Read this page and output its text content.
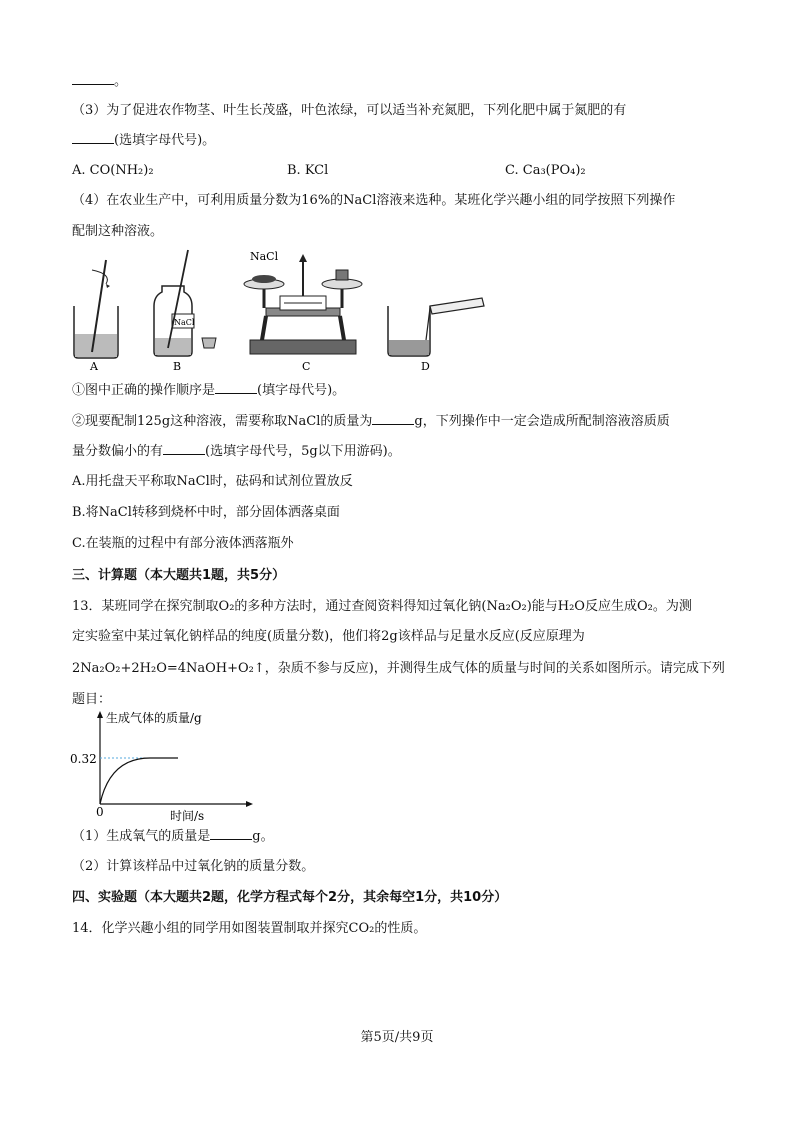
。
（3）为了促进农作物茎、叶生长茂盛，叶色浓绿，可以适当补充氮肥，下列化肥中属于氮肥的有
(选填字母代号)。
A. CO(NH₂)₂	B. KCl	C. Ca₃(PO₄)₂
（4）在农业生产中，可利用质量分数为16%的NaCl溶液来选种。某班化学兴趣小组的同学按照下列操作
配制这种溶液。
A
NaCl
B
NaCl
C	D
①图中正确的操作顺序是	(填字母代号)。
②现要配制125g这种溶液，需要称取NaCl的质量为	g，下列操作中一定会造成所配制溶液溶质质
量分数偏小的有	(选填字母代号，5g以下用游码)。
A.用托盘天平称取NaCl时，砝码和试剂位置放反
B.将NaCl转移到烧杯中时，部分固体洒落桌面
C.在装瓶的过程中有部分液体洒落瓶外
三、计算题（本大题共1题，共5分）
13．某班同学在探究制取O₂的多种方法时，通过查阅资料得知过氧化钠(Na₂O₂)能与H₂O反应生成O₂。为测
定实验室中某过氧化钠样品的纯度(质量分数)，他们将2g该样品与足量水反应(反应原理为
2Na₂O₂+2H₂O=4NaOH+O₂↑，杂质不参与反应)，并测得生成气体的质量与时间的关系如图所示。请完成下列
题目：
生成气体的质量/g
时间/s
0
0.32
（1）生成氧气的质量是	g。
（2）计算该样品中过氧化钠的质量分数。
四、实验题（本大题共2题，化学方程式每个2分，其余每空1分，共10分）
14．化学兴趣小组的同学用如图装置制取并探究CO₂的性质。
第5页/共9页
